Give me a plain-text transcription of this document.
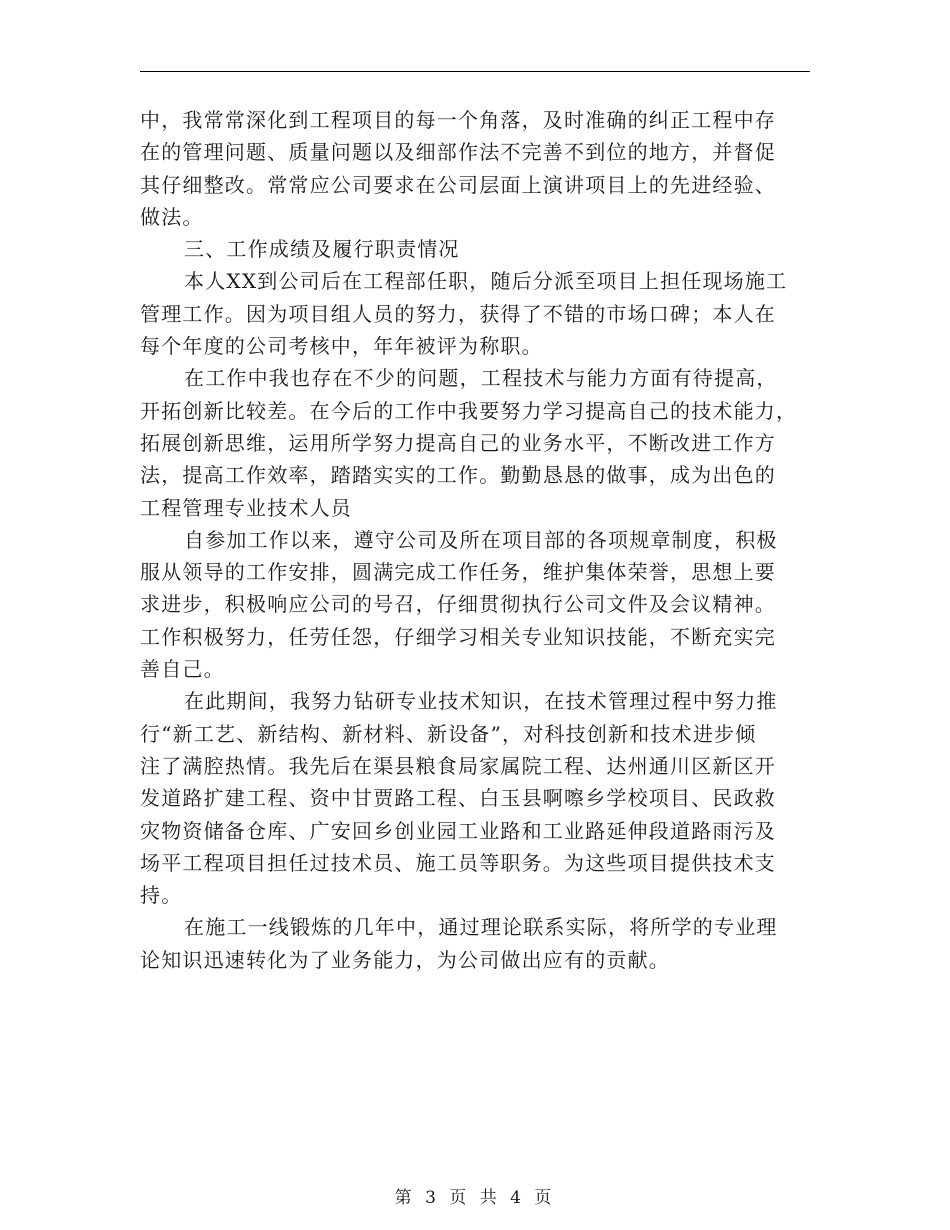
中，我常常深化到工程项目的每一个角落，及时准确的纠正工程中存
在的管理问题、质量问题以及细部作法不完善不到位的地方，并督促
其仔细整改。常常应公司要求在公司层面上演讲项目上的先进经验、
做法。
三、工作成绩及履行职责情况
本人XX到公司后在工程部任职，随后分派至项目上担任现场施工
管理工作。因为项目组人员的努力，获得了不错的市场口碑；本人在
每个年度的公司考核中，年年被评为称职。
在工作中我也存在不少的问题，工程技术与能力方面有待提高，
开拓创新比较差。在今后的工作中我要努力学习提高自己的技术能力，
拓展创新思维，运用所学努力提高自己的业务水平，不断改进工作方
法，提高工作效率，踏踏实实的工作。勤勤恳恳的做事，成为出色的
工程管理专业技术人员
自参加工作以来，遵守公司及所在项目部的各项规章制度，积极
服从领导的工作安排，圆满完成工作任务，维护集体荣誉，思想上要
求进步，积极响应公司的号召，仔细贯彻执行公司文件及会议精神。
工作积极努力，任劳任怨，仔细学习相关专业知识技能，不断充实完
善自己。
在此期间，我努力钻研专业技术知识，在技术管理过程中努力推
行“新工艺、新结构、新材料、新设备”，对科技创新和技术进步倾
注了满腔热情。我先后在渠县粮食局家属院工程、达州通川区新区开
发道路扩建工程、资中甘贾路工程、白玉县啊嚓乡学校项目、民政救
灾物资储备仓库、广安回乡创业园工业路和工业路延伸段道路雨污及
场平工程项目担任过技术员、施工员等职务。为这些项目提供技术支
持。
在施工一线锻炼的几年中，通过理论联系实际，将所学的专业理
论知识迅速转化为了业务能力，为公司做出应有的贡献。
第 3 页 共 4 页
